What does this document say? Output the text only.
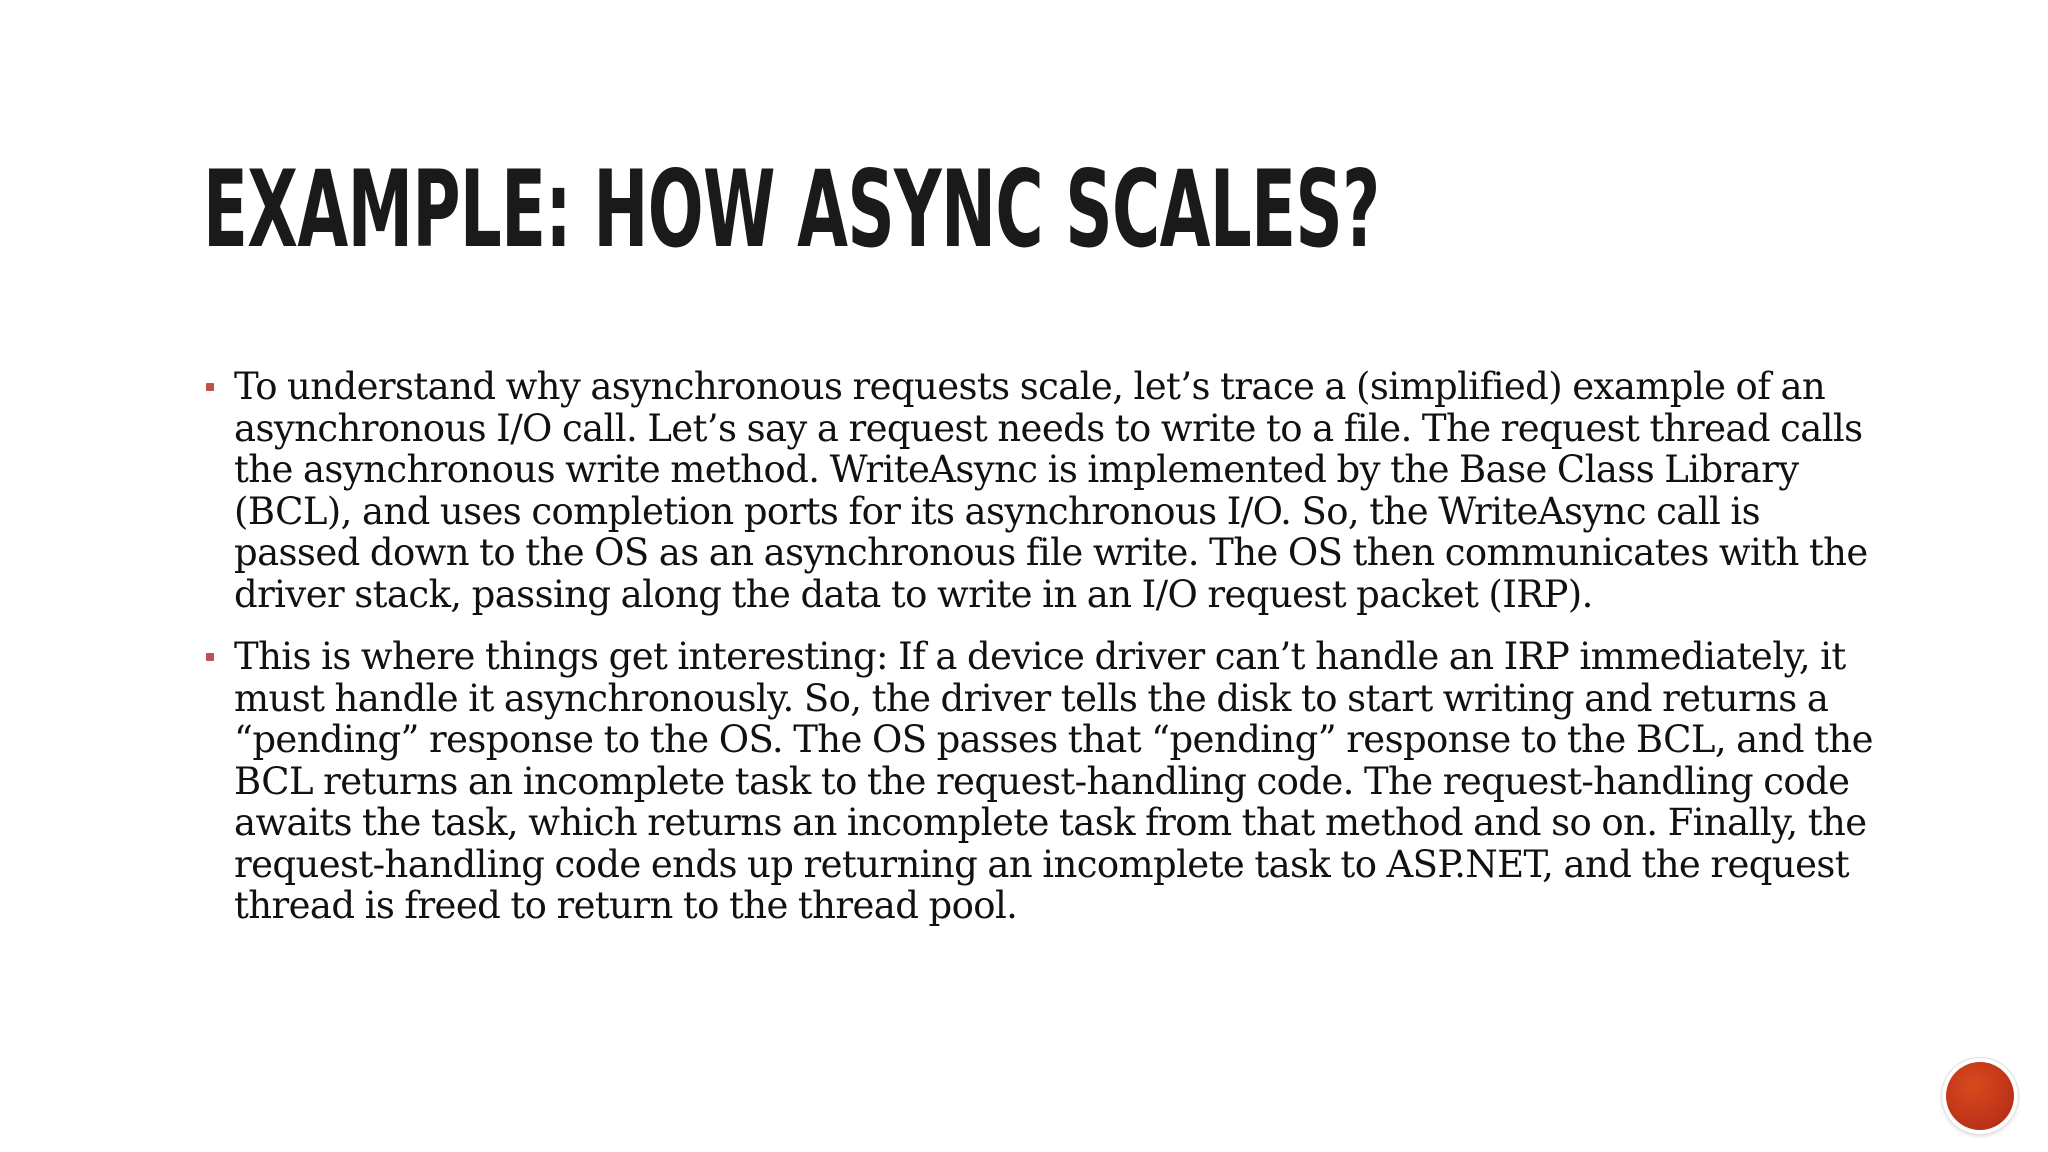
EXAMPLE: HOW ASYNC SCALES?
To understand why asynchronous requests scale, let’s trace a (simplified) example of an asynchronous I/O call. Let’s say a request needs to write to a file. The request thread calls the asynchronous write method. WriteAsync is implemented by the Base Class Library (BCL), and uses completion ports for its asynchronous I/O. So, the WriteAsync call is passed down to the OS as an asynchronous file write. The OS then communicates with the driver stack, passing along the data to write in an I/O request packet (IRP).
This is where things get interesting: If a device driver can’t handle an IRP immediately, it must handle it asynchronously. So, the driver tells the disk to start writing and returns a “pending” response to the OS. The OS passes that “pending” response to the BCL, and the BCL returns an incomplete task to the request-handling code. The request-handling code awaits the task, which returns an incomplete task from that method and so on. Finally, the request-handling code ends up returning an incomplete task to ASP.NET, and the request thread is freed to return to the thread pool.
